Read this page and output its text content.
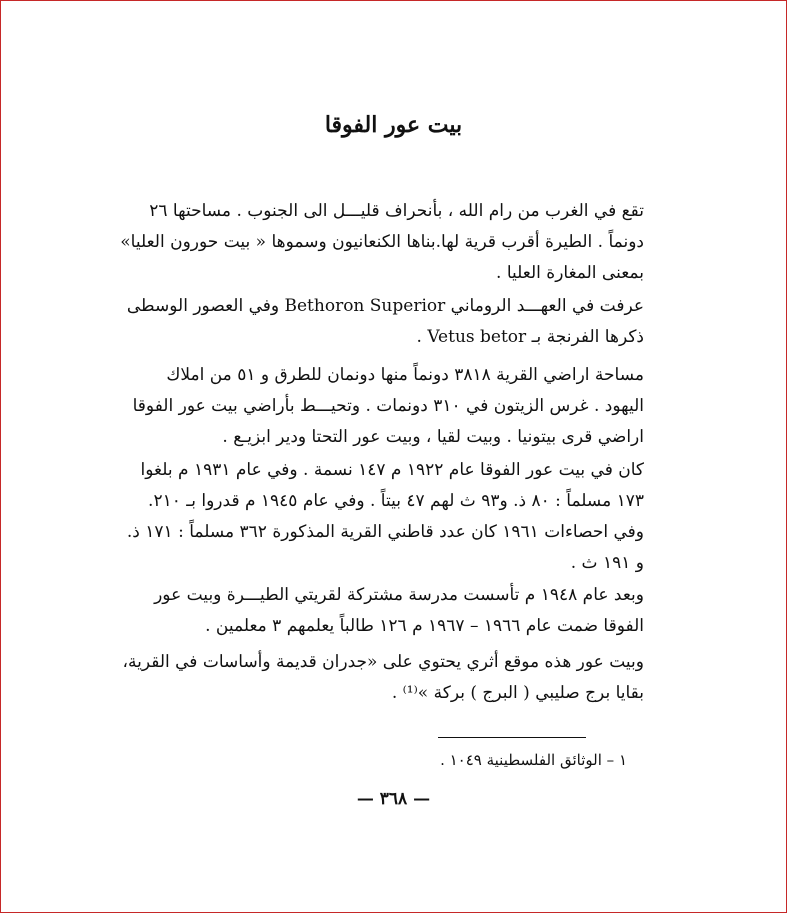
بيت عور الفوقا
تقع في الغرب من رام الله ، بأنحراف قليـــل الى الجنوب . مساحتها ٢٦
دونماً . الطيرة أقرب قرية لها.بناها الكنعانيون وسموها « بيت حورون العليا»
بمعنى المغارة العليا .
عرفت في العهـــد الروماني Bethoron Superior وفي العصور الوسطى
ذكرها الفرنجة بـ Vetus betor .
مساحة اراضي القرية ٣٨١٨ دونماً منها دونمان للطرق و ٥١ من املاك
اليهود . غرس الزيتون في ٣١٠ دونمات . وتحيـــط بأراضي بيت عور الفوقا
اراضي قرى بيتونيا . وبيت لقيا ، وبيت عور التحتا ودير ابزيـع .
كان في بيت عور الفوقا عام ١٩٢٢ م ١٤٧ نسمة . وفي عام ١٩٣١ م بلغوا
١٧٣ مسلماً : ٨٠ ذ. و٩٣ ث لهم ٤٧ بيتاً . وفي عام ١٩٤٥ م قدروا بـ ٢١٠.
وفي احصاءات ١٩٦١ كان عدد قاطني القرية المذكورة ٣٦٢ مسلماً : ١٧١ ذ.
و ١٩١ ث .
وبعد عام ١٩٤٨ م تأسست مدرسة مشتركة لقريتي الطيـــرة وبيت عور
الفوقا ضمت عام ١٩٦٦ – ١٩٦٧ م ١٢٦ طالباً يعلمهم ٣ معلمين .
وبيت عور هذه موقع أثري يحتوي على «جدران قديمة وأساسات في القرية،
بقايا برج صليبي ( البرج ) بركة »⁽¹⁾ .
١ – الوثائق الفلسطينية ١٠٤٩ .
— ٣٦٨ —
